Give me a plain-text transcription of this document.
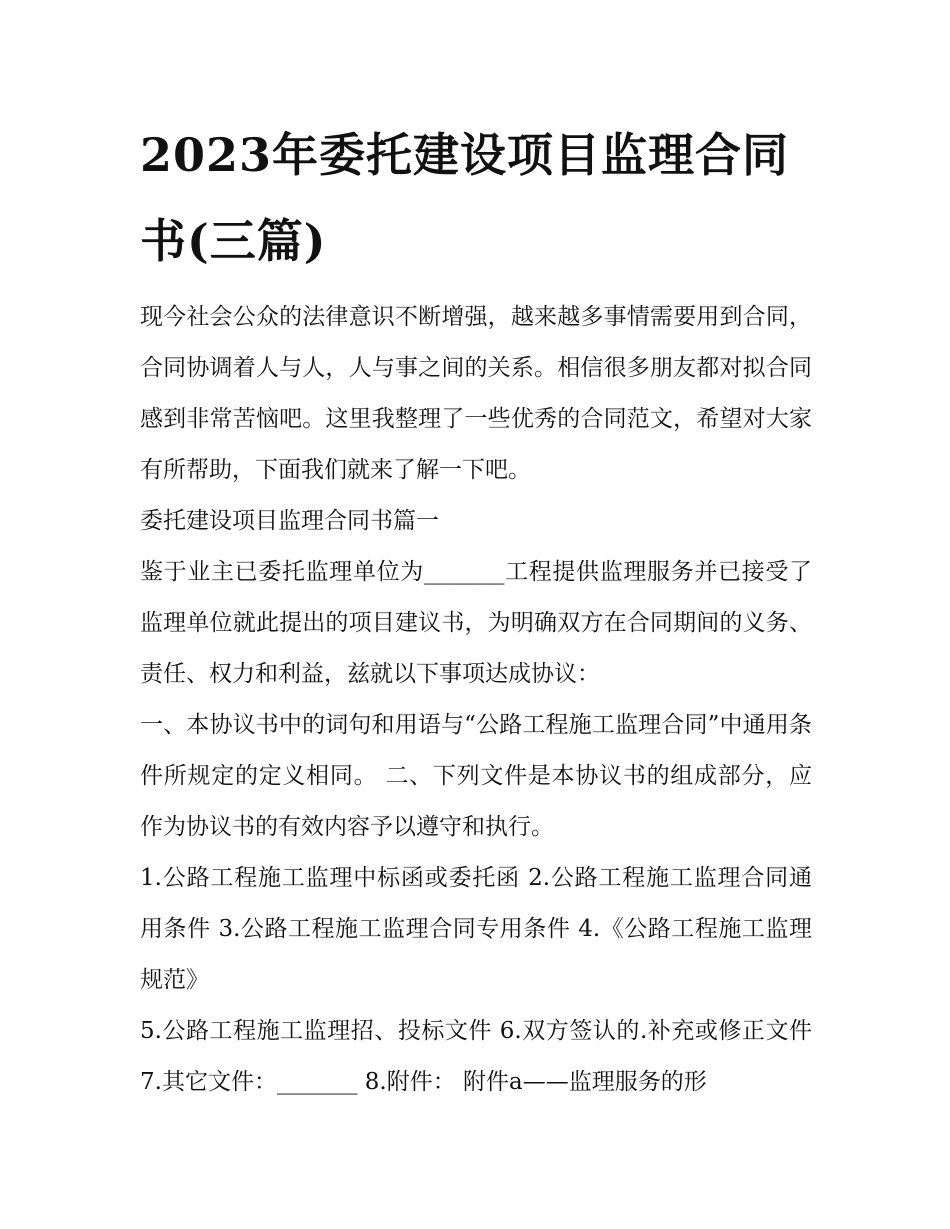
2023年委托建设项目监理合同书(三篇)

现今社会公众的法律意识不断增强，越来越多事情需要用到合同，合同协调着人与人，人与事之间的关系。相信很多朋友都对拟合同感到非常苦恼吧。这里我整理了一些优秀的合同范文，希望对大家有所帮助，下面我们就来了解一下吧。

委托建设项目监理合同书篇一

鉴于业主已委托监理单位为_______工程提供监理服务并已接受了监理单位就此提出的项目建议书，为明确双方在合同期间的义务、责任、权力和利益，兹就以下事项达成协议：

一、本协议书中的词句和用语与“公路工程施工监理合同”中通用条件所规定的定义相同。 二、下列文件是本协议书的组成部分，应作为协议书的有效内容予以遵守和执行。

1.公路工程施工监理中标函或委托函 2.公路工程施工监理合同通用条件 3.公路工程施工监理合同专用条件 4.《公路工程施工监理规范》

5.公路工程施工监理招、投标文件 6.双方签认的.补充或修正文件 7.其它文件：_______ 8.附件： 附件a——监理服务的形
